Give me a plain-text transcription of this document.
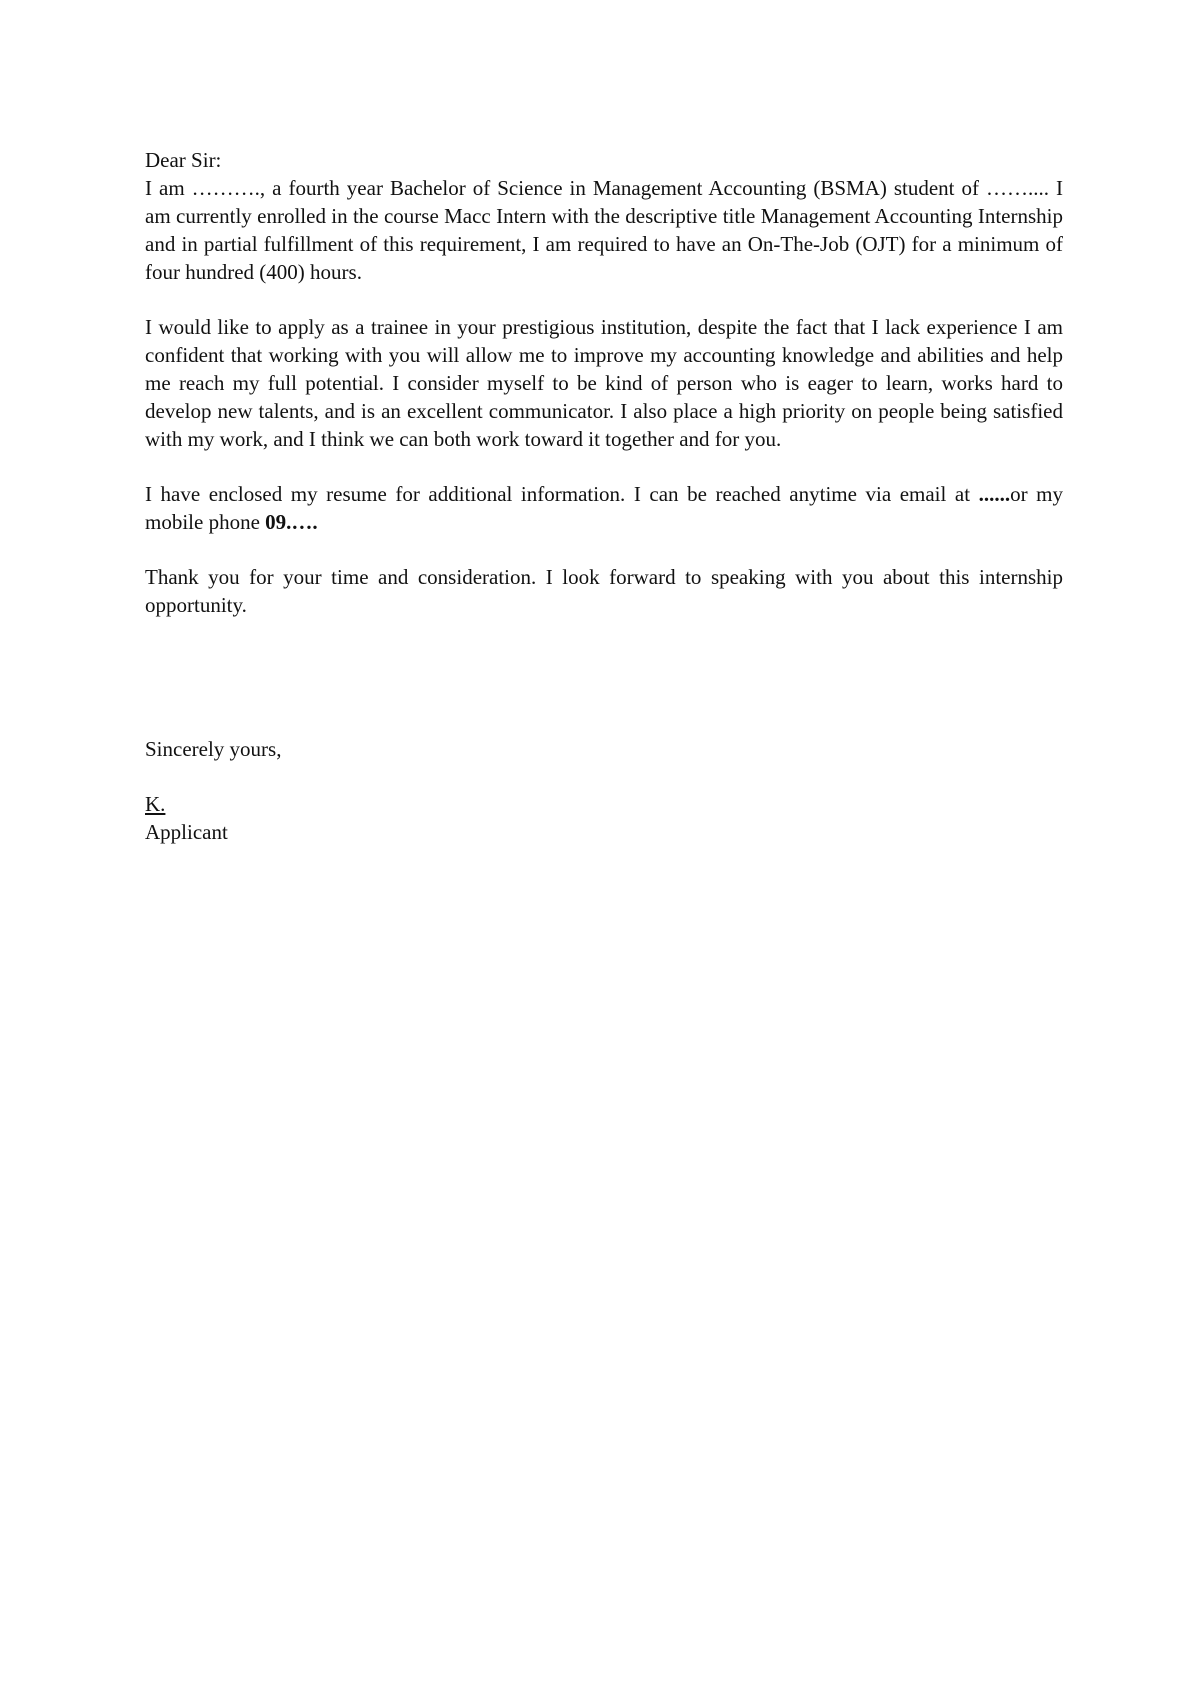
Dear Sir:

I am ………., a fourth year Bachelor of Science in Management Accounting (BSMA) student of …….... I am currently enrolled in the course Macc Intern with the descriptive title Management Accounting Internship and in partial fulfillment of this requirement, I am required to have an On-The-Job (OJT) for a minimum of four hundred (400) hours.

I would like to apply as a trainee in your prestigious institution, despite the fact that I lack experience I am confident that working with you will allow me to improve my accounting knowledge and abilities and help me reach my full potential. I consider myself to be kind of person who is eager to learn, works hard to develop new talents, and is an excellent communicator. I also place a high priority on people being satisfied with my work, and I think we can both work toward it together and for you.

I have enclosed my resume for additional information. I can be reached anytime via email at ......or my mobile phone 09.….

Thank you for your time and consideration. I look forward to speaking with you about this internship opportunity.

Sincerely yours,

K.
Applicant
